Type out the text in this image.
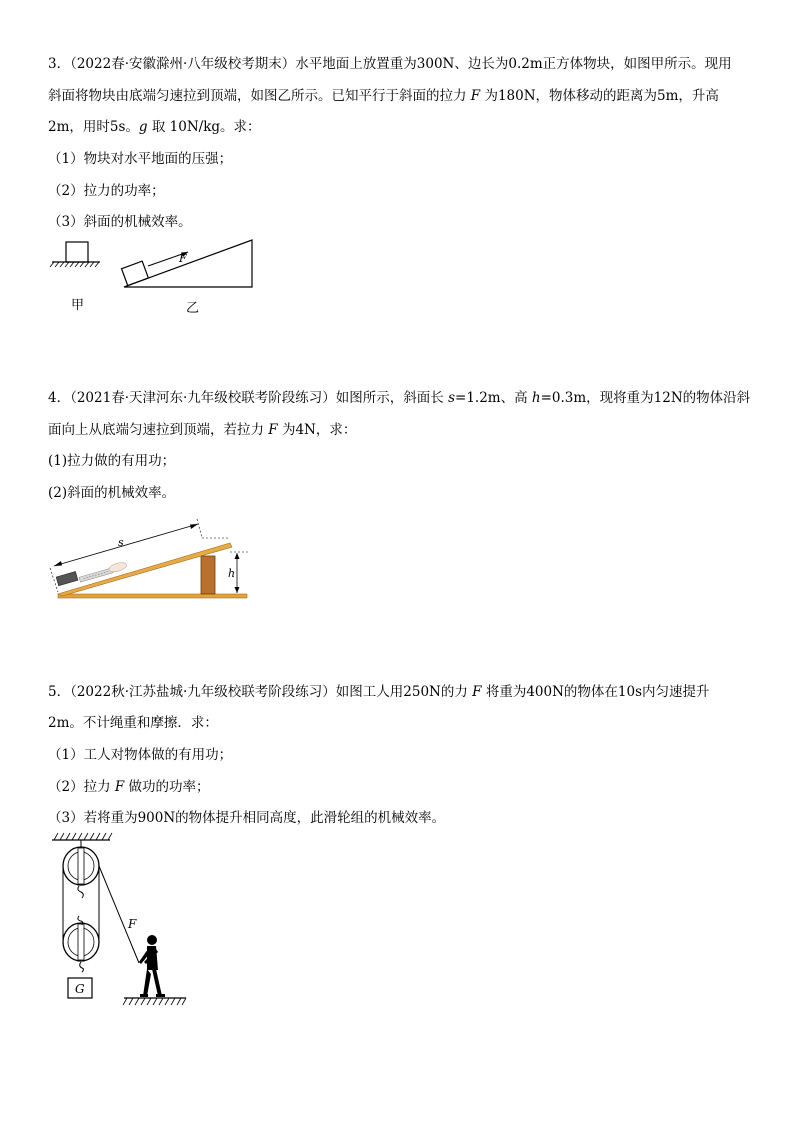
3．（2022春·安徽滁州·八年级校考期末）水平地面上放置重为300N、边长为0.2m正方体物块，如图甲所示。现用
斜面将物块由底端匀速拉到顶端，如图乙所示。已知平行于斜面的拉力 F 为180N，物体移动的距离为5m，升高
2m，用时5s。g 取 10N/kg。求：
（1）物块对水平地面的压强；
（2）拉力的功率；
（3）斜面的机械效率。
甲
F
乙
4．（2021春·天津河东·九年级校联考阶段练习）如图所示，斜面长 s=1.2m、高 h=0.3m，现将重为12N的物体沿斜
面向上从底端匀速拉到顶端，若拉力 F 为4N，求：
(1)拉力做的有用功；
(2)斜面的机械效率。
s
h
5．（2022秋·江苏盐城·九年级校联考阶段练习）如图工人用250N的力 F 将重为400N的物体在10s内匀速提升
2m。不计绳重和摩擦．求：
（1）工人对物体做的有用功；
（2）拉力 F 做功的功率；
（3）若将重为900N的物体提升相同高度，此滑轮组的机械效率。
F
G
